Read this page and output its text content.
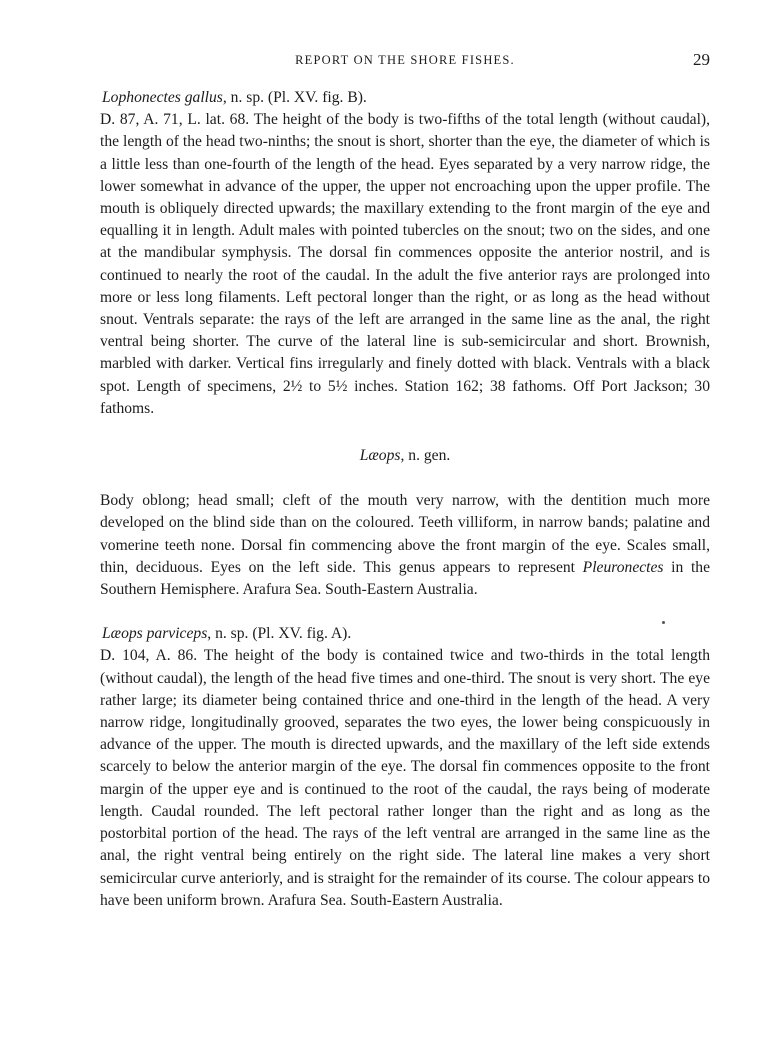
REPORT ON THE SHORE FISHES.	29

Lophonectes gallus, n. sp. (Pl. XV. fig. B).

D. 87, A. 71, L. lat. 68. The height of the body is two-fifths of the total length (without caudal), the length of the head two-ninths; the snout is short, shorter than the eye, the diameter of which is a little less than one-fourth of the length of the head. Eyes separated by a very narrow ridge, the lower somewhat in advance of the upper, the upper not encroaching upon the upper profile. The mouth is obliquely directed upwards; the maxillary extending to the front margin of the eye and equalling it in length. Adult males with pointed tubercles on the snout; two on the sides, and one at the mandibular symphysis. The dorsal fin commences opposite the anterior nostril, and is continued to nearly the root of the caudal. In the adult the five anterior rays are prolonged into more or less long filaments. Left pectoral longer than the right, or as long as the head without snout. Ventrals separate: the rays of the left are arranged in the same line as the anal, the right ventral being shorter. The curve of the lateral line is sub-semicircular and short. Brownish, marbled with darker. Vertical fins irregularly and finely dotted with black. Ventrals with a black spot. Length of specimens, 2½ to 5½ inches. Station 162; 38 fathoms. Off Port Jackson; 30 fathoms.

Læops, n. gen.

Body oblong; head small; cleft of the mouth very narrow, with the dentition much more developed on the blind side than on the coloured. Teeth villiform, in narrow bands; palatine and vomerine teeth none. Dorsal fin commencing above the front margin of the eye. Scales small, thin, deciduous. Eyes on the left side. This genus appears to represent Pleuronectes in the Southern Hemisphere. Arafura Sea. South-Eastern Australia.

Læops parviceps, n. sp. (Pl. XV. fig. A).

D. 104, A. 86. The height of the body is contained twice and two-thirds in the total length (without caudal), the length of the head five times and one-third. The snout is very short. The eye rather large; its diameter being contained thrice and one-third in the length of the head. A very narrow ridge, longitudinally grooved, separates the two eyes, the lower being conspicuously in advance of the upper. The mouth is directed upwards, and the maxillary of the left side extends scarcely to below the anterior margin of the eye. The dorsal fin commences opposite to the front margin of the upper eye and is continued to the root of the caudal, the rays being of moderate length. Caudal rounded. The left pectoral rather longer than the right and as long as the postorbital portion of the head. The rays of the left ventral are arranged in the same line as the anal, the right ventral being entirely on the right side. The lateral line makes a very short semicircular curve anteriorly, and is straight for the remainder of its course. The colour appears to have been uniform brown. Arafura Sea. South-Eastern Australia.
